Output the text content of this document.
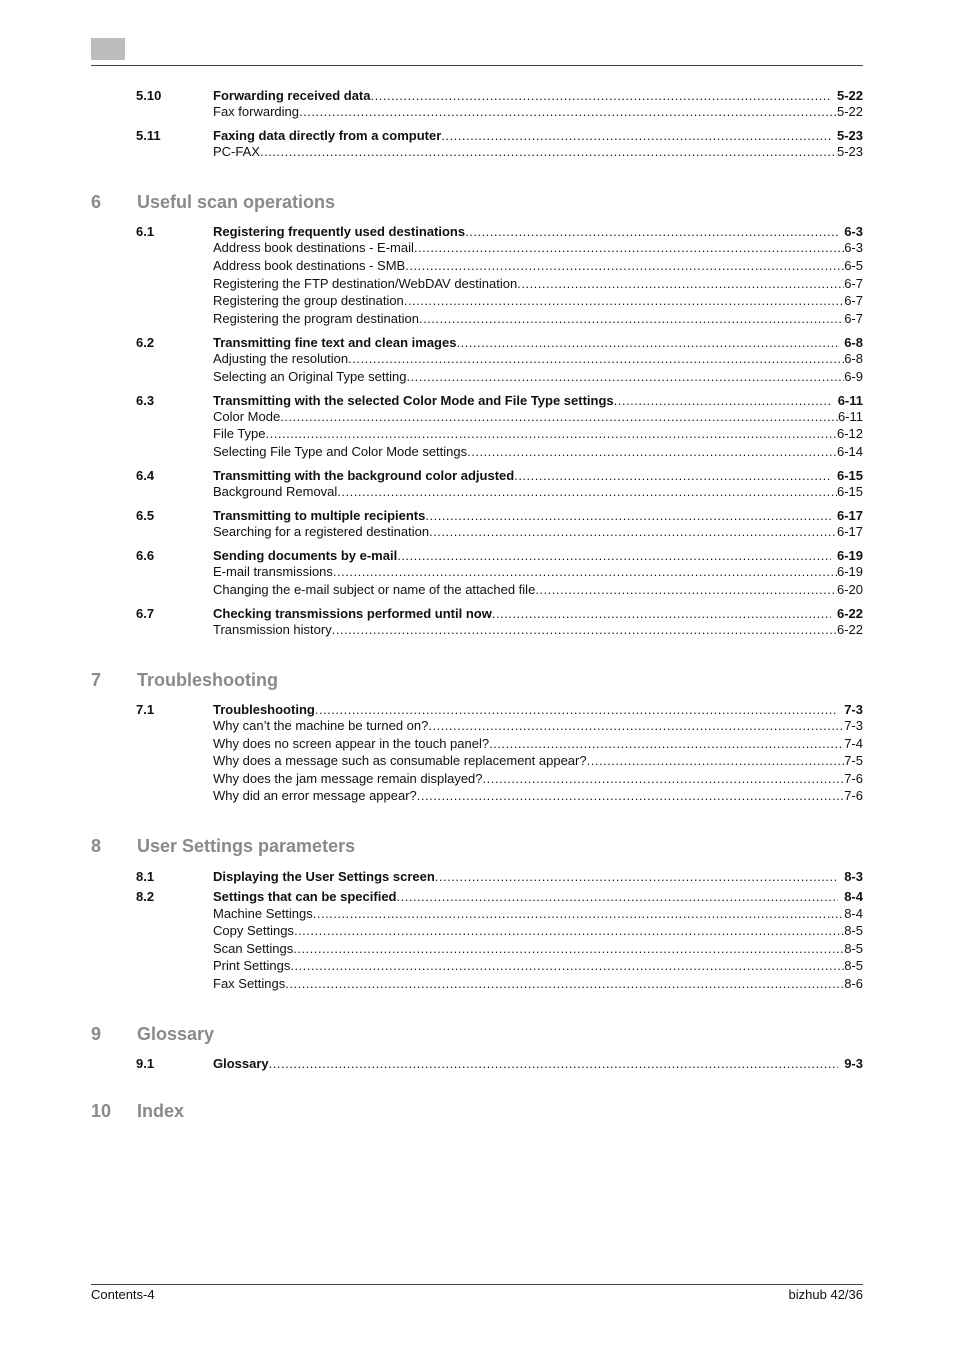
6 Useful scan operations
7 Troubleshooting
8 User Settings parameters
9 Glossary
10 Index
5.10	Forwarding received data .....	5-22
Fax forwarding .....	5-22
5.11	Faxing data directly from a computer .....	5-23
PC-FAX .....	5-23
6.1	Registering frequently used destinations .....	6-3
Address book destinations - E-mail .....	6-3
Address book destinations - SMB .....	6-5
Registering the FTP destination/WebDAV destination .....	6-7
Registering the group destination .....	6-7
Registering the program destination .....	6-7
6.2	Transmitting fine text and clean images .....	6-8
Adjusting the resolution .....	6-8
Selecting an Original Type setting .....	6-9
6.3	Transmitting with the selected Color Mode and File Type settings .....	6-11
Color Mode .....	6-11
File Type .....	6-12
Selecting File Type and Color Mode settings .....	6-14
6.4	Transmitting with the background color adjusted .....	6-15
Background Removal .....	6-15
6.5	Transmitting to multiple recipients .....	6-17
Searching for a registered destination .....	6-17
6.6	Sending documents by e-mail .....	6-19
E-mail transmissions .....	6-19
Changing the e-mail subject or name of the attached file .....	6-20
6.7	Checking transmissions performed until now .....	6-22
Transmission history .....	6-22
7.1	Troubleshooting .....	7-3
Why can’t the machine be turned on? .....	7-3
Why does no screen appear in the touch panel? .....	7-4
Why does a message such as consumable replacement appear? .....	7-5
Why does the jam message remain displayed? .....	7-6
Why did an error message appear? .....	7-6
8.1	Displaying the User Settings screen .....	8-3
8.2	Settings that can be specified .....	8-4
Machine Settings .....	8-4
Copy Settings .....	8-5
Scan Settings .....	8-5
Print Settings .....	8-5
Fax Settings .....	8-6
9.1	Glossary .....	9-3
Contents-4	bizhub 42/36
